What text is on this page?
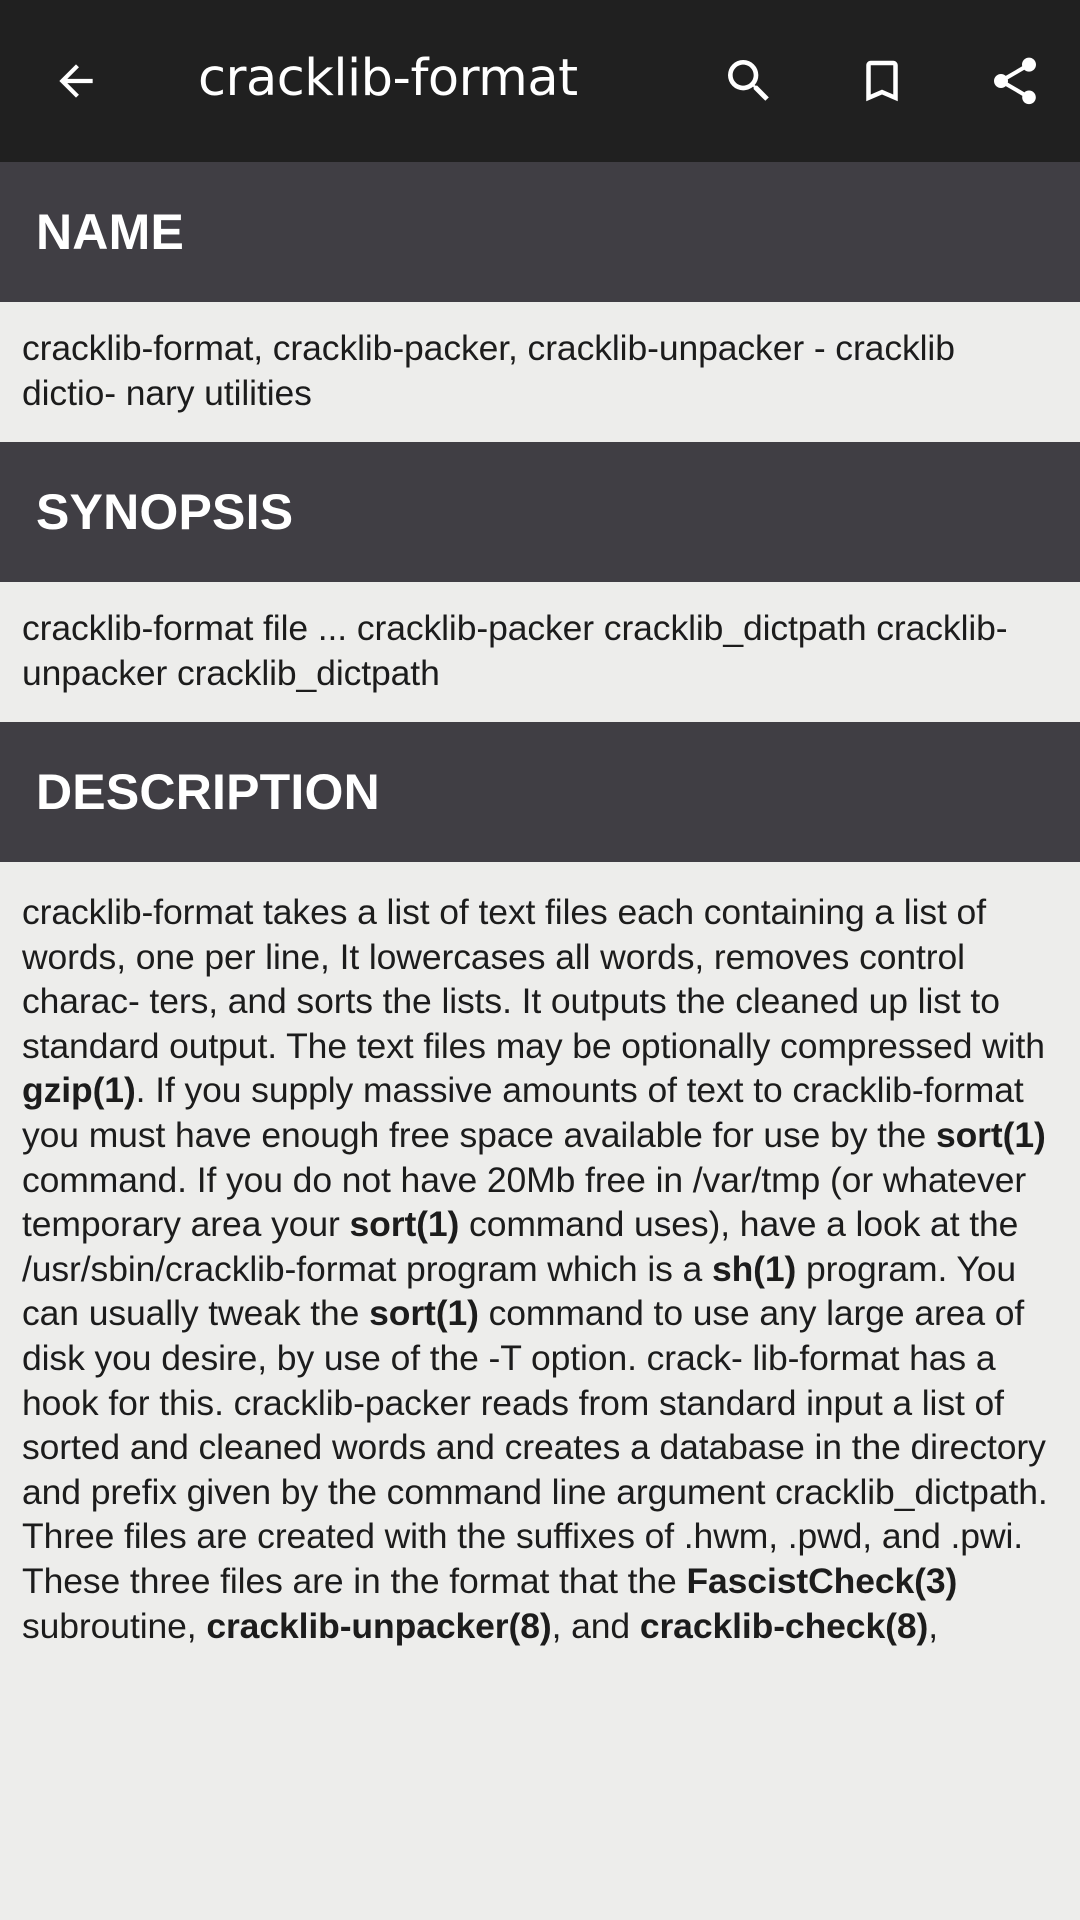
cracklib-format
NAME

cracklib-format, cracklib-packer, cracklib-unpacker - cracklib dictio- nary utilities

SYNOPSIS

cracklib-format file ... cracklib-packer cracklib_dictpath cracklib-unpacker cracklib_dictpath

DESCRIPTION

cracklib-format takes a list of text files each containing a list of words, one per line, It lowercases all words, removes control charac- ters, and sorts the lists. It outputs the cleaned up list to standard output. The text files may be optionally compressed with gzip(1). If you supply massive amounts of text to cracklib-format you must have enough free space available for use by the sort(1) command. If you do not have 20Mb free in /var/tmp (or whatever temporary area your sort(1) command uses), have a look at the /usr/sbin/cracklib-format program which is a sh(1) program. You can usually tweak the sort(1) command to use any large area of disk you desire, by use of the -T option. crack- lib-format has a hook for this. cracklib-packer reads from standard input a list of sorted and cleaned words and creates a database in the directory and prefix given by the command line argument cracklib_dictpath. Three files are created with the suffixes of .hwm, .pwd, and .pwi. These three files are in the format that the FascistCheck(3) subroutine, cracklib-unpacker(8), and cracklib-check(8),
